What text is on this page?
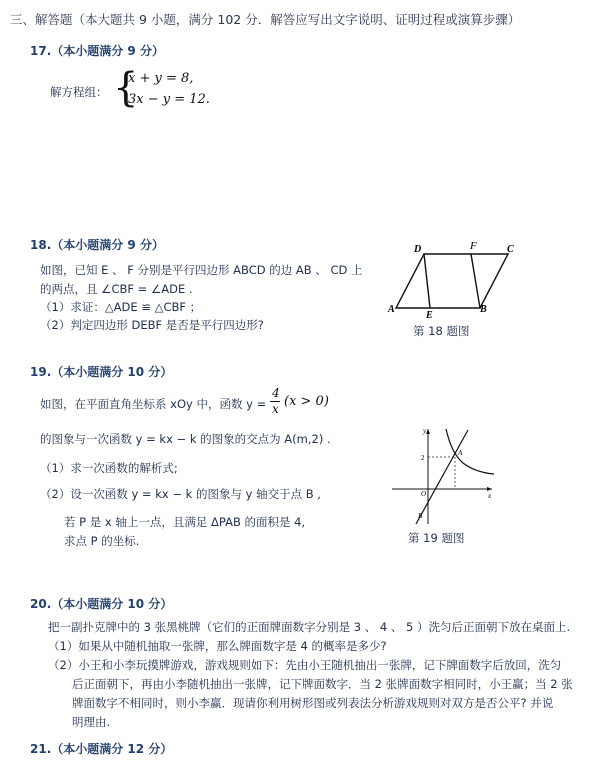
三、解答题（本大题共 9 小题，满分 102 分．解答应写出文字说明、证明过程或演算步骤）
17.（本小题满分 9 分）
解方程组： {
x + y = 8,
3x − y = 12.
18.（本小题满分 9 分）
如图，已知 E 、 F 分别是平行四边形 ABCD 的边 AB 、 CD 上
的两点，且 ∠CBF = ∠ADE .
（1）求证：△ADE ≌ △CBF ；
（2）判定四边形 DEBF 是否是平行四边形?
D	F	C
A
E
B
第 18 题图
19.（本小题满分 10 分）
如图，在平面直角坐标系 xOy 中，函数 y =
4
x (x > 0)
的图象与一次函数 y = kx − k 的图象的交点为 A(m,2) .
（1）求一次函数的解析式;
（2）设一次函数 y = kx − k 的图象与 y 轴交于点 B ,
若 P 是 x 轴上一点，且满足 ΔPAB 的面积是 4,
求点 P 的坐标.
y
x
2
A
O
B
第 19 题图
20.（本小题满分 10 分）
把一副扑克牌中的 3 张黑桃牌（它们的正面牌面数字分别是 3 、 4 、 5 ）洗匀后正面朝下放在桌面上.
（1）如果从中随机抽取一张牌，那么牌面数字是 4 的概率是多少?
（2）小王和小李玩摸牌游戏，游戏规则如下：先由小王随机抽出一张牌，记下牌面数字后放回，洗匀
后正面朝下，再由小李随机抽出一张牌，记下牌面数字．当 2 张牌面数字相同时，小王赢；当 2 张
牌面数字不相同时，则小李赢．现请你利用树形图或列表法分析游戏规则对双方是否公平? 并说
明理由.
21.（本小题满分 12 分）
